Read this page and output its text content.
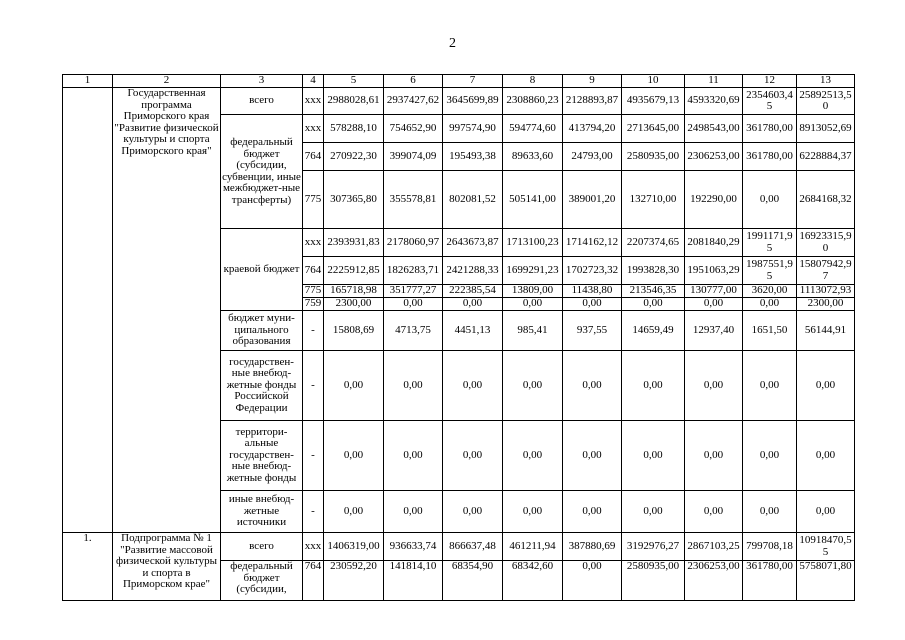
2
1	2	3	4	5	6	7	8	9	10	11	12	13
	Государственная программа Приморского края "Развитие физической культуры и спорта Приморского края"	всего	ххх	2988028,61	2937427,62	3645699,89	2308860,23	2128893,87	4935679,13	4593320,69	2354603,45	25892513,50
		федеральный бюджет (субсидии, субвенции, иные межбюджет-ные трансферты)	ххх	578288,10	754652,90	997574,90	594774,60	413794,20	2713645,00	2498543,00	361780,00	8913052,69
			764	270922,30	399074,09	195493,38	89633,60	24793,00	2580935,00	2306253,00	361780,00	6228884,37
			775	307365,80	355578,81	802081,52	505141,00	389001,20	132710,00	192290,00	0,00	2684168,32
		краевой бюджет	ххх	2393931,83	2178060,97	2643673,87	1713100,23	1714162,12	2207374,65	2081840,29	1991171,95	16923315,90
			764	2225912,85	1826283,71	2421288,33	1699291,23	1702723,32	1993828,30	1951063,29	1987551,95	15807942,97
			775	165718,98	351777,27	222385,54	13809,00	11438,80	213546,35	130777,00	3620,00	1113072,93
			759	2300,00	0,00	0,00	0,00	0,00	0,00	0,00	0,00	2300,00
		бюджет муни-ципального образования	-	15808,69	4713,75	4451,13	985,41	937,55	14659,49	12937,40	1651,50	56144,91
		государствен-ные внебюд-жетные фонды Российской Федерации	-	0,00	0,00	0,00	0,00	0,00	0,00	0,00	0,00	0,00
		территори-альные государствен-ные внебюд-жетные фонды	-	0,00	0,00	0,00	0,00	0,00	0,00	0,00	0,00	0,00
		иные внебюд-жетные источники	-	0,00	0,00	0,00	0,00	0,00	0,00	0,00	0,00	0,00
1.	Подпрограмма № 1 "Развитие массовой физической культуры и спорта в Приморском крае"	всего	ххх	1406319,00	936633,74	866637,48	461211,94	387880,69	3192976,27	2867103,25	799708,18	10918470,55
		федеральный бюджет (субсидии,	764	230592,20	141814,10	68354,90	68342,60	0,00	2580935,00	2306253,00	361780,00	5758071,80
